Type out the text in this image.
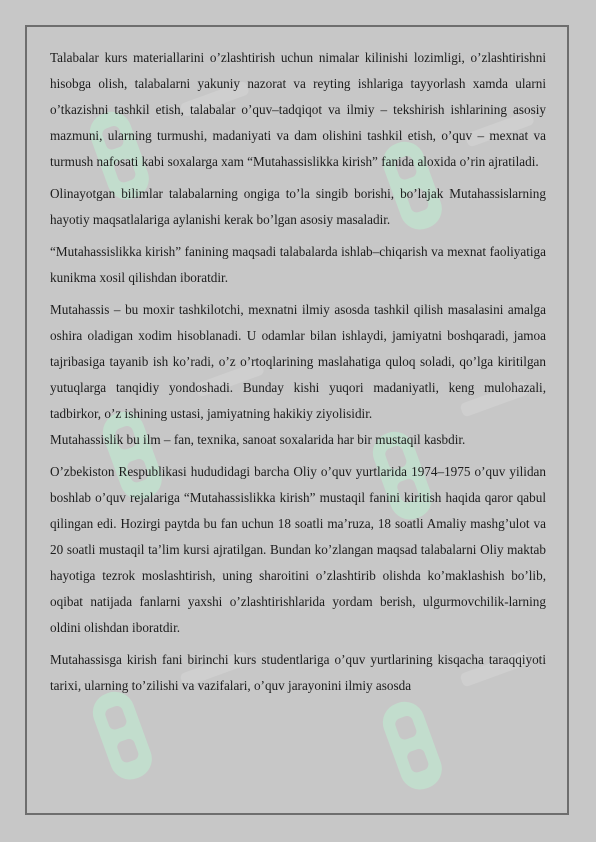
Talabalar kurs materiallarini o’zlashtirish uchun nimalar kilinishi lozimligi, o’zlashtirishni hisobga olish, talabalarni yakuniy nazorat va reyting ishlariga tayyorlash xamda ularni o’tkazishni tashkil etish, talabalar o’quv–tadqiqot va ilmiy – tekshirish ishlarining asosiy mazmuni, ularning turmushi, madaniyati va dam olishini tashkil etish, o’quv – mexnat va turmush nafosati kabi soxalarga xam “Mutahassislikka kirish” fanida aloxida o’rin ajratiladi.

Olinayotgan bilimlar talabalarning ongiga to’la singib borishi, bo’lajak Mutahassislarning hayotiy maqsatlalariga aylanishi kerak bo’lgan asosiy masaladir.

“Mutahassislikka kirish” fanining maqsadi talabalarda ishlab–chiqarish va mexnat faoliyatiga kunikma xosil qilishdan iboratdir.

Mutahassis – bu moxir tashkilotchi, mexnatni ilmiy asosda tashkil qilish masalasini amalga oshira oladigan xodim hisoblanadi. U odamlar bilan ishlaydi, jamiyatni boshqaradi, jamoa tajribasiga tayanib ish ko’radi, o’z o’rtoqlarining maslahatiga quloq soladi, qo’lga kiritilgan yutuqlarga tanqidiy yondoshadi. Bunday kishi yuqori madaniyatli, keng mulohazali, tadbirkor, o’z ishining ustasi, jamiyatning hakikiy ziyolisidir.

Mutahassislik bu ilm – fan, texnika, sanoat soxalarida har bir mustaqil kasbdir.

O’zbekiston Respublikasi hududidagi barcha Oliy o’quv yurtlarida 1974–1975 o’quv yilidan boshlab o’quv rejalariga “Mutahassislikka kirish” mustaqil fanini kiritish haqida qaror qabul qilingan edi. Hozirgi paytda bu fan uchun 18 soatli ma’ruza, 18 soatli Amaliy mashg’ulot va 20 soatli mustaqil ta’lim kursi ajratilgan. Bundan ko’zlangan maqsad talabalarni Oliy maktab hayotiga tezrok moslashtirish, uning sharoitini o’zlashtirib olishda ko’maklashish bo’lib, oqibat natijada fanlarni yaxshi o’zlashtirishlarida yordam berish, ulgurmovchilik-larning oldini olishdan iboratdir.

Mutahassisga kirish fani birinchi kurs studentlariga o’quv yurtlarining kisqacha taraqqiyoti tarixi, ularning to’zilishi va vazifalari, o’quv jarayonini ilmiy asosda
